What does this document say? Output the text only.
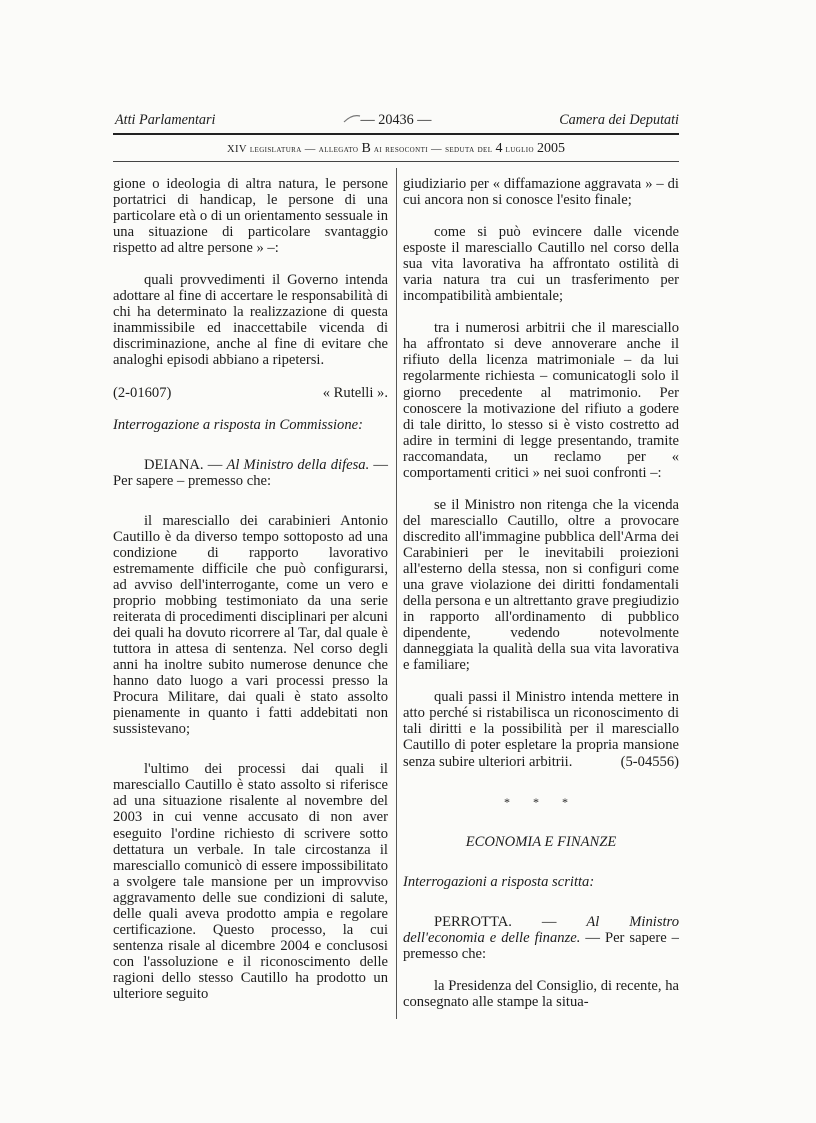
Atti Parlamentari	— 20436 —	Camera dei Deputati
XIV legislatura — allegato B ai resoconti — seduta del 4 luglio 2005

gione o ideologia di altra natura, le persone portatrici di handicap, le persone di una particolare età o di un orientamento sessuale in una situazione di particolare svantaggio rispetto ad altre persone » –:

quali provvedimenti il Governo intenda adottare al fine di accertare le responsabilità di chi ha determinato la realizzazione di questa inammissibile ed inaccettabile vicenda di discriminazione, anche al fine di evitare che analoghi episodi abbiano a ripetersi.

(2-01607)	« Rutelli ».

Interrogazione a risposta in Commissione:

DEIANA. — Al Ministro della difesa. — Per sapere – premesso che:

il maresciallo dei carabinieri Antonio Cautillo è da diverso tempo sottoposto ad una condizione di rapporto lavorativo estremamente difficile che può configurarsi, ad avviso dell'interrogante, come un vero e proprio mobbing testimoniato da una serie reiterata di procedimenti disciplinari per alcuni dei quali ha dovuto ricorrere al Tar, dal quale è tuttora in attesa di sentenza. Nel corso degli anni ha inoltre subito numerose denunce che hanno dato luogo a vari processi presso la Procura Militare, dai quali è stato assolto pienamente in quanto i fatti addebitati non sussistevano;

l'ultimo dei processi dai quali il maresciallo Cautillo è stato assolto si riferisce ad una situazione risalente al novembre del 2003 in cui venne accusato di non aver eseguito l'ordine richiesto di scrivere sotto dettatura un verbale. In tale circostanza il maresciallo comunicò di essere impossibilitato a svolgere tale mansione per un improvviso aggravamento delle sue condizioni di salute, delle quali aveva prodotto ampia e regolare certificazione. Questo processo, la cui sentenza risale al dicembre 2004 e conclusosi con l'assoluzione e il riconoscimento delle ragioni dello stesso Cautillo ha prodotto un ulteriore seguito

giudiziario per « diffamazione aggravata » – di cui ancora non si conosce l'esito finale;

come si può evincere dalle vicende esposte il maresciallo Cautillo nel corso della sua vita lavorativa ha affrontato ostilità di varia natura tra cui un trasferimento per incompatibilità ambientale;

tra i numerosi arbitrii che il maresciallo ha affrontato si deve annoverare anche il rifiuto della licenza matrimoniale – da lui regolarmente richiesta – comunicatogli solo il giorno precedente al matrimonio. Per conoscere la motivazione del rifiuto a godere di tale diritto, lo stesso si è visto costretto ad adire in termini di legge presentando, tramite raccomandata, un reclamo per « comportamenti critici » nei suoi confronti –:

se il Ministro non ritenga che la vicenda del maresciallo Cautillo, oltre a provocare discredito all'immagine pubblica dell'Arma dei Carabinieri per le inevitabili proiezioni all'esterno della stessa, non si configuri come una grave violazione dei diritti fondamentali della persona e un altrettanto grave pregiudizio in rapporto all'ordinamento di pubblico dipendente, vedendo notevolmente danneggiata la qualità della sua vita lavorativa e familiare;

quali passi il Ministro intenda mettere in atto perché si ristabilisca un riconoscimento di tali diritti e la possibilità per il maresciallo Cautillo di poter espletare la propria mansione senza subire ulteriori arbitrii.	(5-04556)

* * *

ECONOMIA E FINANZE

Interrogazioni a risposta scritta:

PERROTTA. — Al Ministro dell'economia e delle finanze. — Per sapere – premesso che:

la Presidenza del Consiglio, di recente, ha consegnato alle stampe la situa-
